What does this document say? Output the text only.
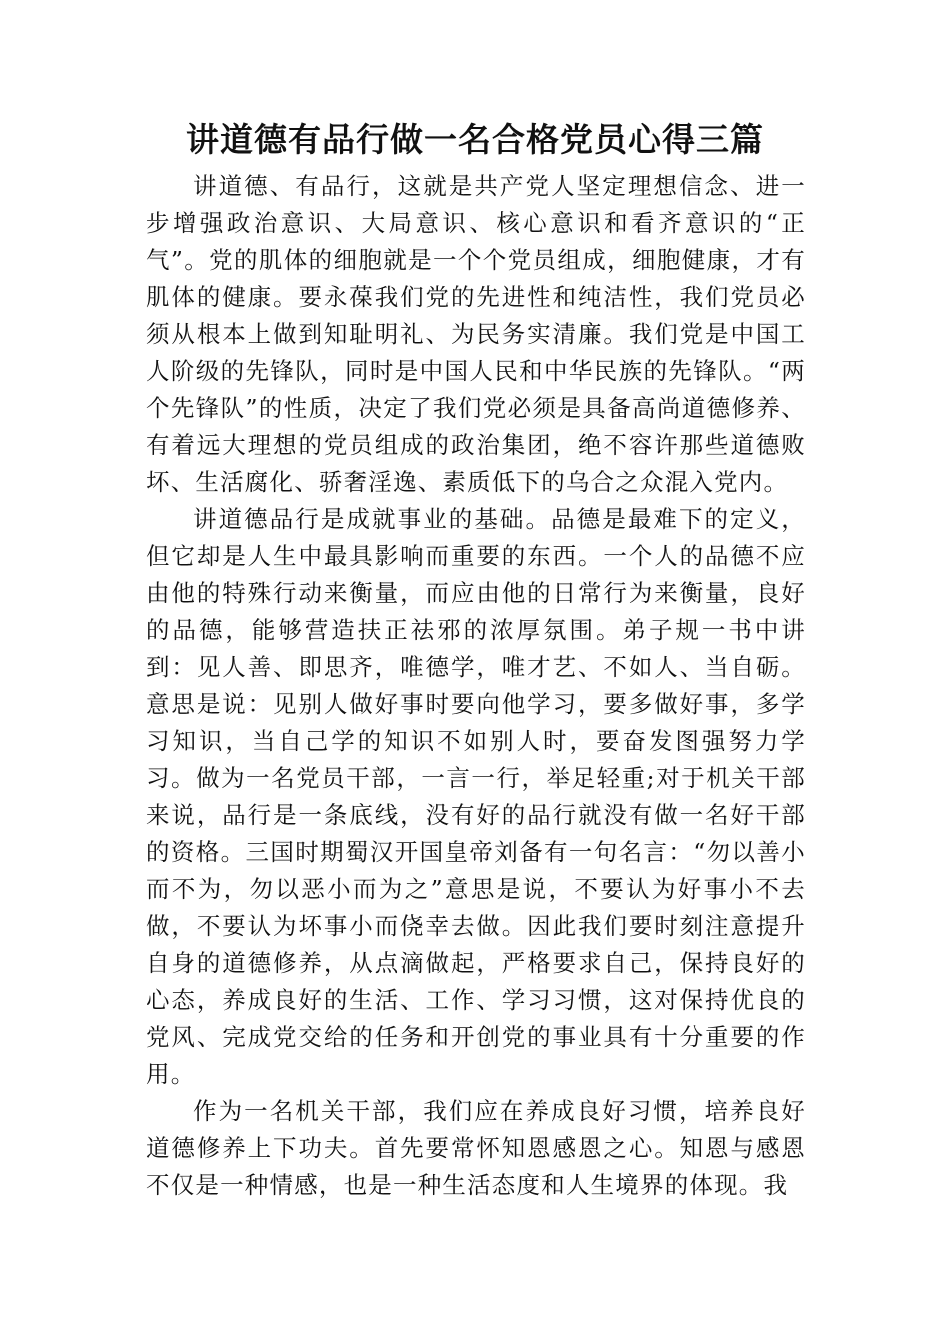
讲道德有品行做一名合格党员心得三篇

讲道德、有品行，这就是共产党人坚定理想信念、进一步增强政治意识、大局意识、核心意识和看齐意识的“正气”。党的肌体的细胞就是一个个党员组成，细胞健康，才有肌体的健康。要永葆我们党的先进性和纯洁性，我们党员必须从根本上做到知耻明礼、为民务实清廉。我们党是中国工人阶级的先锋队，同时是中国人民和中华民族的先锋队。“两个先锋队”的性质，决定了我们党必须是具备高尚道德修养、有着远大理想的党员组成的政治集团，绝不容许那些道德败坏、生活腐化、骄奢淫逸、素质低下的乌合之众混入党内。

讲道德品行是成就事业的基础。品德是最难下的定义，但它却是人生中最具影响而重要的东西。一个人的品德不应由他的特殊行动来衡量，而应由他的日常行为来衡量，良好的品德，能够营造扶正祛邪的浓厚氛围。弟子规一书中讲到：见人善、即思齐，唯德学，唯才艺、不如人、当自砺。意思是说：见别人做好事时要向他学习，要多做好事，多学习知识，当自己学的知识不如别人时，要奋发图强努力学习。做为一名党员干部，一言一行，举足轻重;对于机关干部来说，品行是一条底线，没有好的品行就没有做一名好干部的资格。三国时期蜀汉开国皇帝刘备有一句名言：“勿以善小而不为，勿以恶小而为之”意思是说，不要认为好事小不去做，不要认为坏事小而侥幸去做。因此我们要时刻注意提升自身的道德修养，从点滴做起，严格要求自己，保持良好的心态，养成良好的生活、工作、学习习惯，这对保持优良的党风、完成党交给的任务和开创党的事业具有十分重要的作用。

作为一名机关干部，我们应在养成良好习惯，培养良好道德修养上下功夫。首先要常怀知恩感恩之心。知恩与感恩不仅是一种情感，也是一种生活态度和人生境界的体现。我
